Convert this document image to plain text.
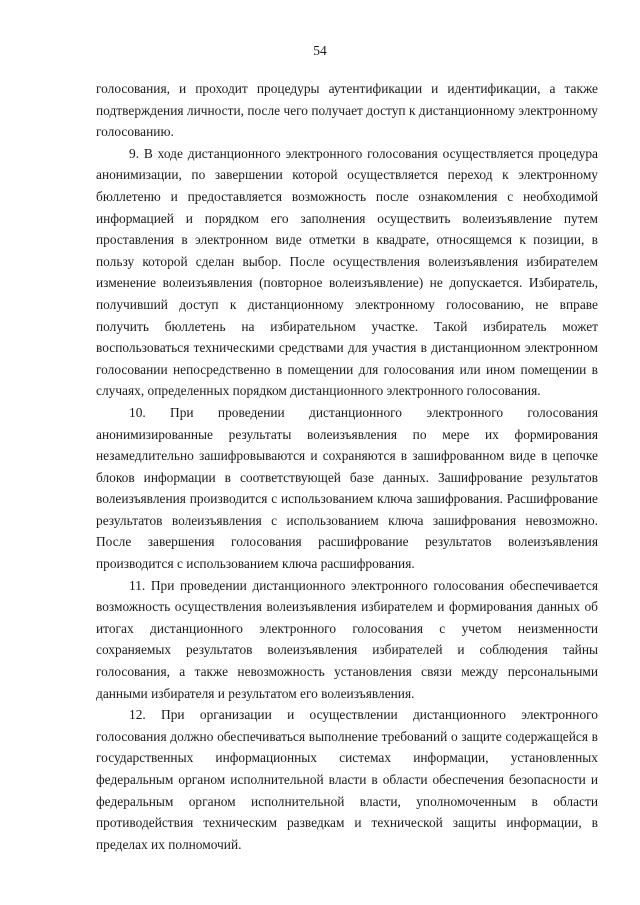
54

голосования, и проходит процедуры аутентификации и идентификации, а также подтверждения личности, после чего получает доступ к дистанционному электронному голосованию.

9. В ходе дистанционного электронного голосования осуществляется процедура анонимизации, по завершении которой осуществляется переход к электронному бюллетеню и предоставляется возможность после ознакомления с необходимой информацией и порядком его заполнения осуществить волеизъявление путем проставления в электронном виде отметки в квадрате, относящемся к позиции, в пользу которой сделан выбор. После осуществления волеизъявления избирателем изменение волеизъявления (повторное волеизъявление) не допускается. Избиратель, получивший доступ к дистанционному электронному голосованию, не вправе получить бюллетень на избирательном участке. Такой избиратель может воспользоваться техническими средствами для участия в дистанционном электронном голосовании непосредственно в помещении для голосования или ином помещении в случаях, определенных порядком дистанционного электронного голосования.

10. При проведении дистанционного электронного голосования анонимизированные результаты волеизъявления по мере их формирования незамедлительно зашифровываются и сохраняются в зашифрованном виде в цепочке блоков информации в соответствующей базе данных. Зашифрование результатов волеизъявления производится с использованием ключа зашифрования. Расшифрование результатов волеизъявления с использованием ключа зашифрования невозможно. После завершения голосования расшифрование результатов волеизъявления производится с использованием ключа расшифрования.

11. При проведении дистанционного электронного голосования обеспечивается возможность осуществления волеизъявления избирателем и формирования данных об итогах дистанционного электронного голосования с учетом неизменности сохраняемых результатов волеизъявления избирателей и соблюдения тайны голосования, а также невозможность установления связи между персональными данными избирателя и результатом его волеизъявления.

12. При организации и осуществлении дистанционного электронного голосования должно обеспечиваться выполнение требований о защите содержащейся в государственных информационных системах информации, установленных федеральным органом исполнительной власти в области обеспечения безопасности и федеральным органом исполнительной власти, уполномоченным в области противодействия техническим разведкам и технической защиты информации, в пределах их полномочий.
